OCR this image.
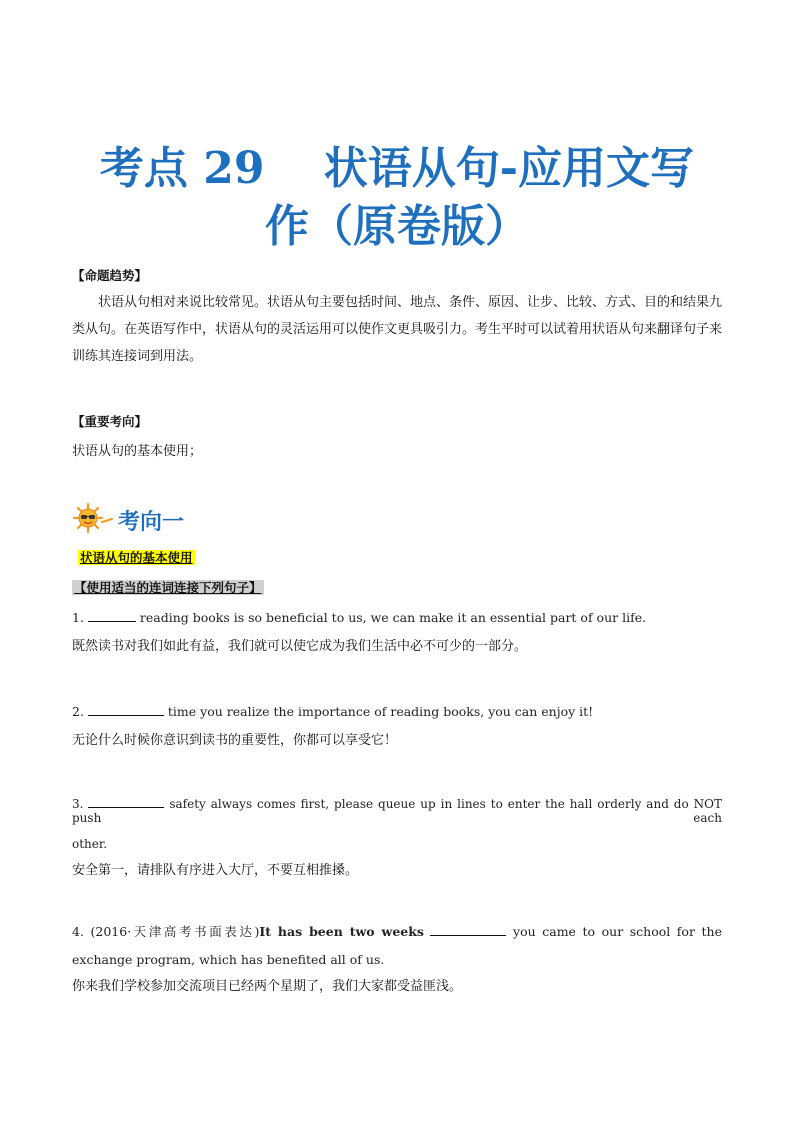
考点 29　 状语从句-应用文写
作（原卷版）
【命题趋势】
状语从句相对来说比较常见。状语从句主要包括时间、地点、条件、原因、让步、比较、方式、目的和结果九类从句。在英语写作中，状语从句的灵活运用可以使作文更具吸引力。考生平时可以试着用状语从句来翻译句子来训练其连接词到用法。
【重要考向】
状语从句的基本使用；
考向一
状语从句的基本使用
【使用适当的连词连接下列句子】
1.	reading books is so beneficial to us, we can make it an essential part of our life.
既然读书对我们如此有益，我们就可以使它成为我们生活中必不可少的一部分。
2.	time you realize the importance of reading books, you can enjoy it!
无论什么时候你意识到读书的重要性，你都可以享受它！
3.	safety always comes first, please queue up in lines to enter the hall orderly and do NOT push each
other.
安全第一，请排队有序进入大厅，不要互相推搡。
4. (2016·天津高考书面表达)It has been two weeks	you came to our school for the
exchange program, which has benefited all of us.
你来我们学校参加交流项目已经两个星期了，我们大家都受益匪浅。
